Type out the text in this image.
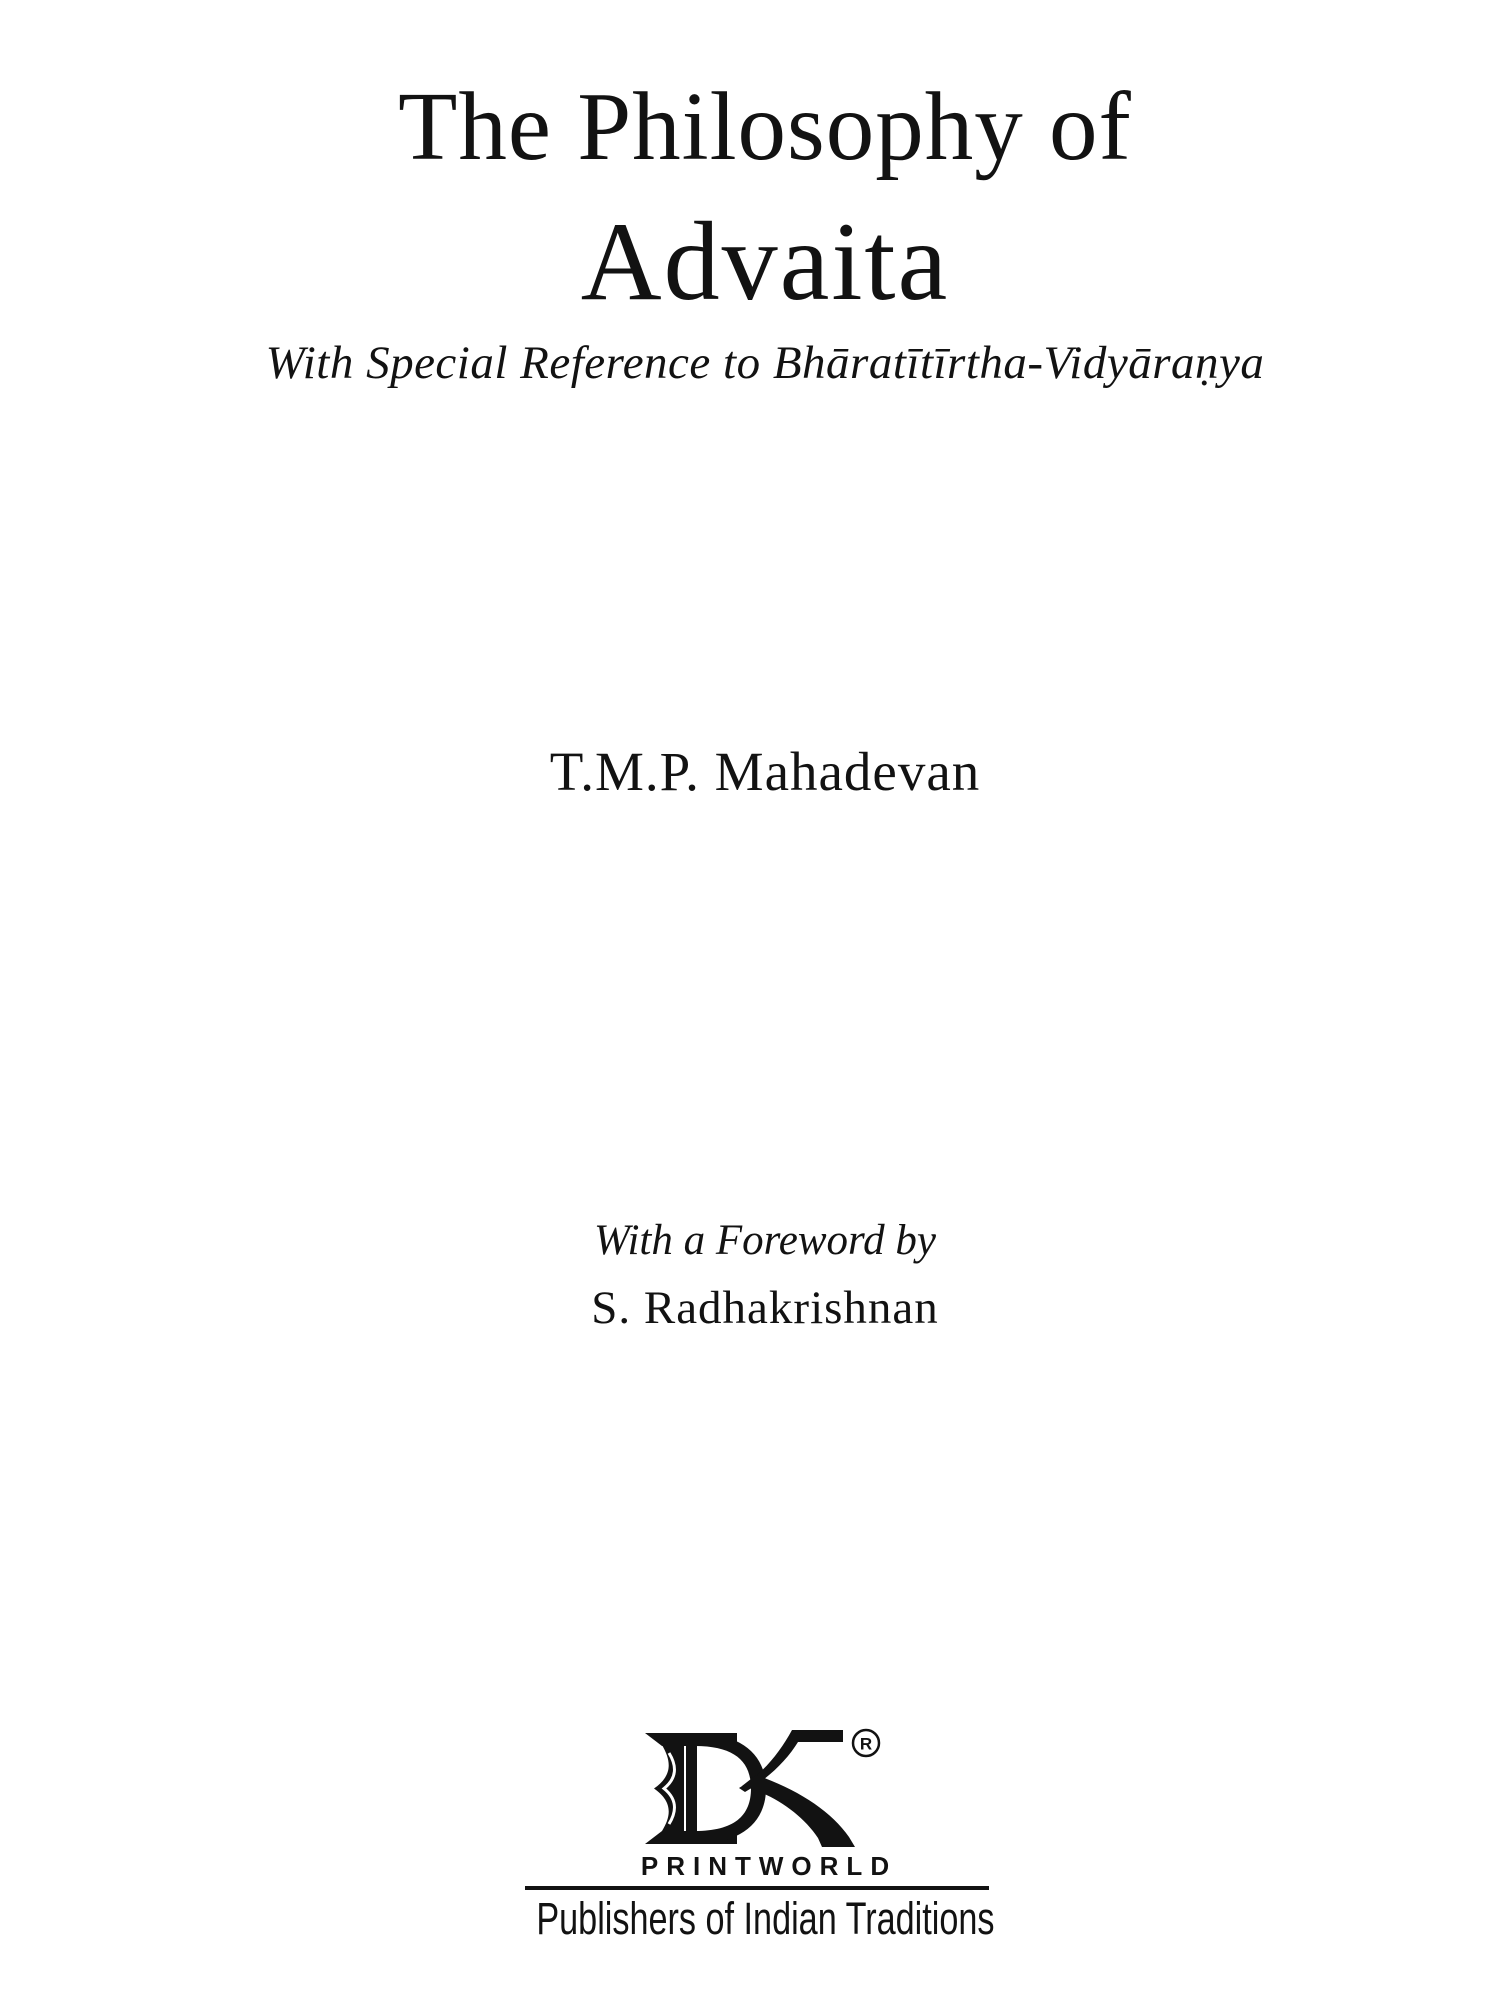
The Philosophy of
Advaita
With Special Reference to Bhāratītīrtha-Vidyāraṇya
T.M.P. Mahadevan
With a Foreword by
S. Radhakrishnan
R
PRINTWORLD
Publishers of Indian Traditions
